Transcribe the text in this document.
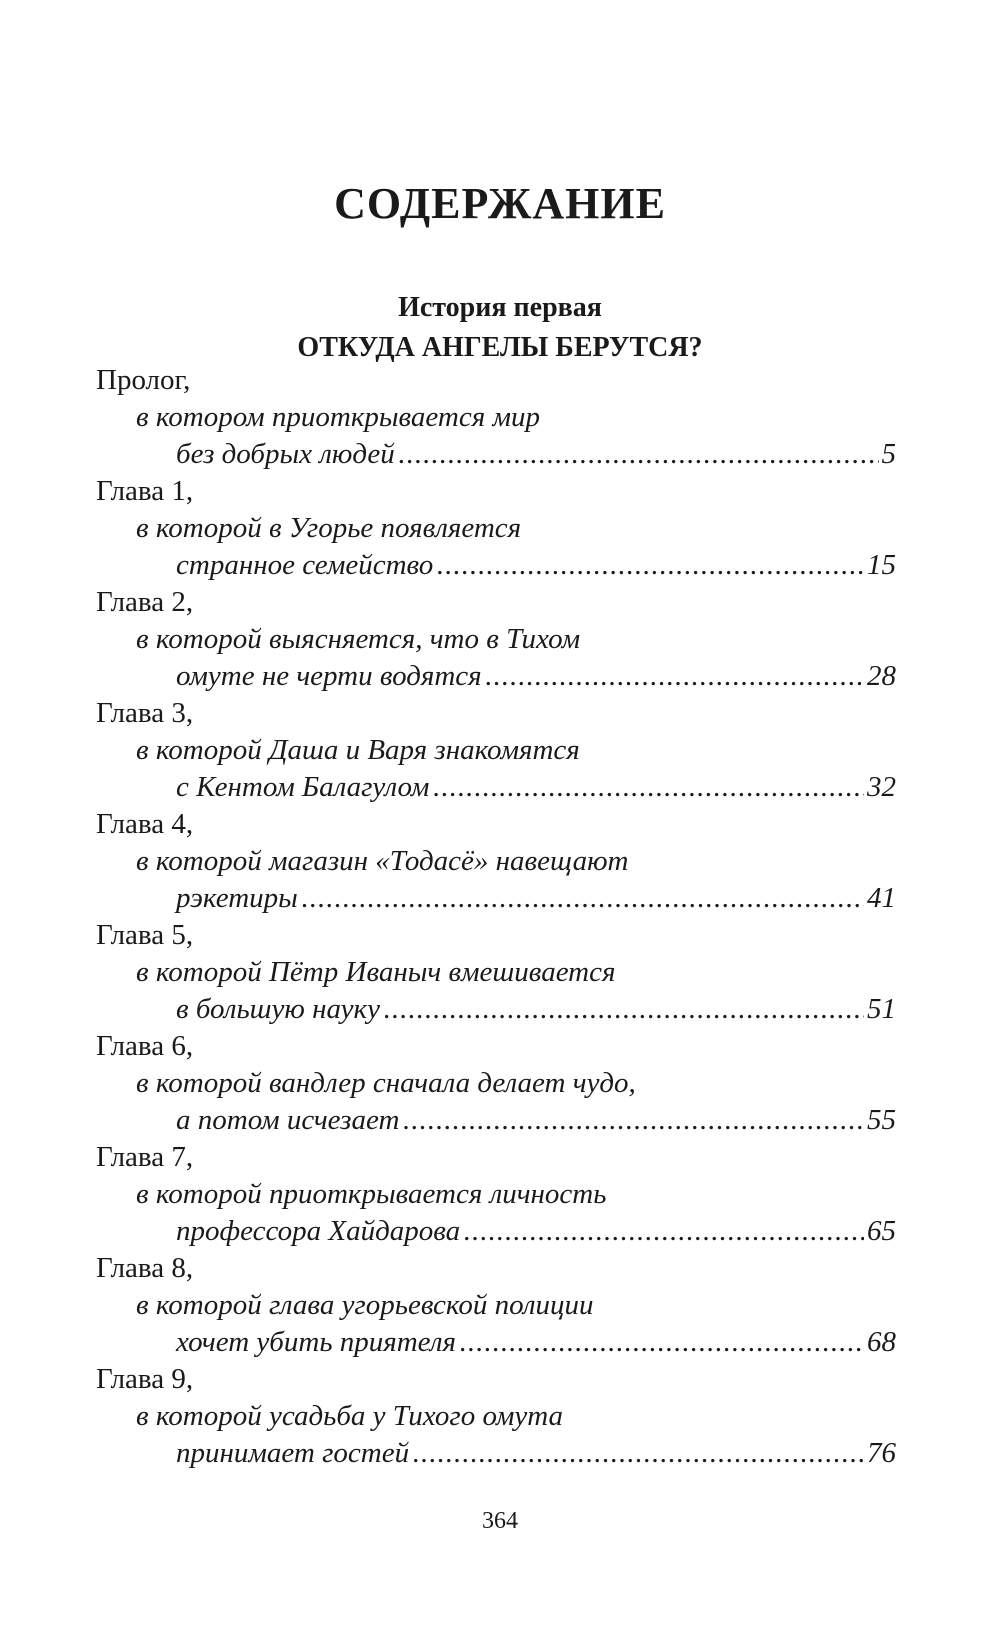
СОДЕРЖАНИЕ
История первая
ОТКУДА АНГЕЛЫ БЕРУТСЯ?
Пролог,
в котором приоткрывается мир
без добрых людей .....	5
Глава 1,
в которой в Угорье появляется
странное семейство .....	15
Глава 2,
в которой выясняется, что в Тихом
омуте не черти водятся .....	28
Глава 3,
в которой Даша и Варя знакомятся
с Кентом Балагулом .....	32
Глава 4,
в которой магазин «Тодасё» навещают
рэкетиры .....	41
Глава 5,
в которой Пётр Иваныч вмешивается
в большую науку .....	51
Глава 6,
в которой вандлер сначала делает чудо,
а потом исчезает .....	55
Глава 7,
в которой приоткрывается личность
профессора Хайдарова .....	65
Глава 8,
в которой глава угорьевской полиции
хочет убить приятеля .....	68
Глава 9,
в которой усадьба у Тихого омута
принимает гостей .....	76
364
